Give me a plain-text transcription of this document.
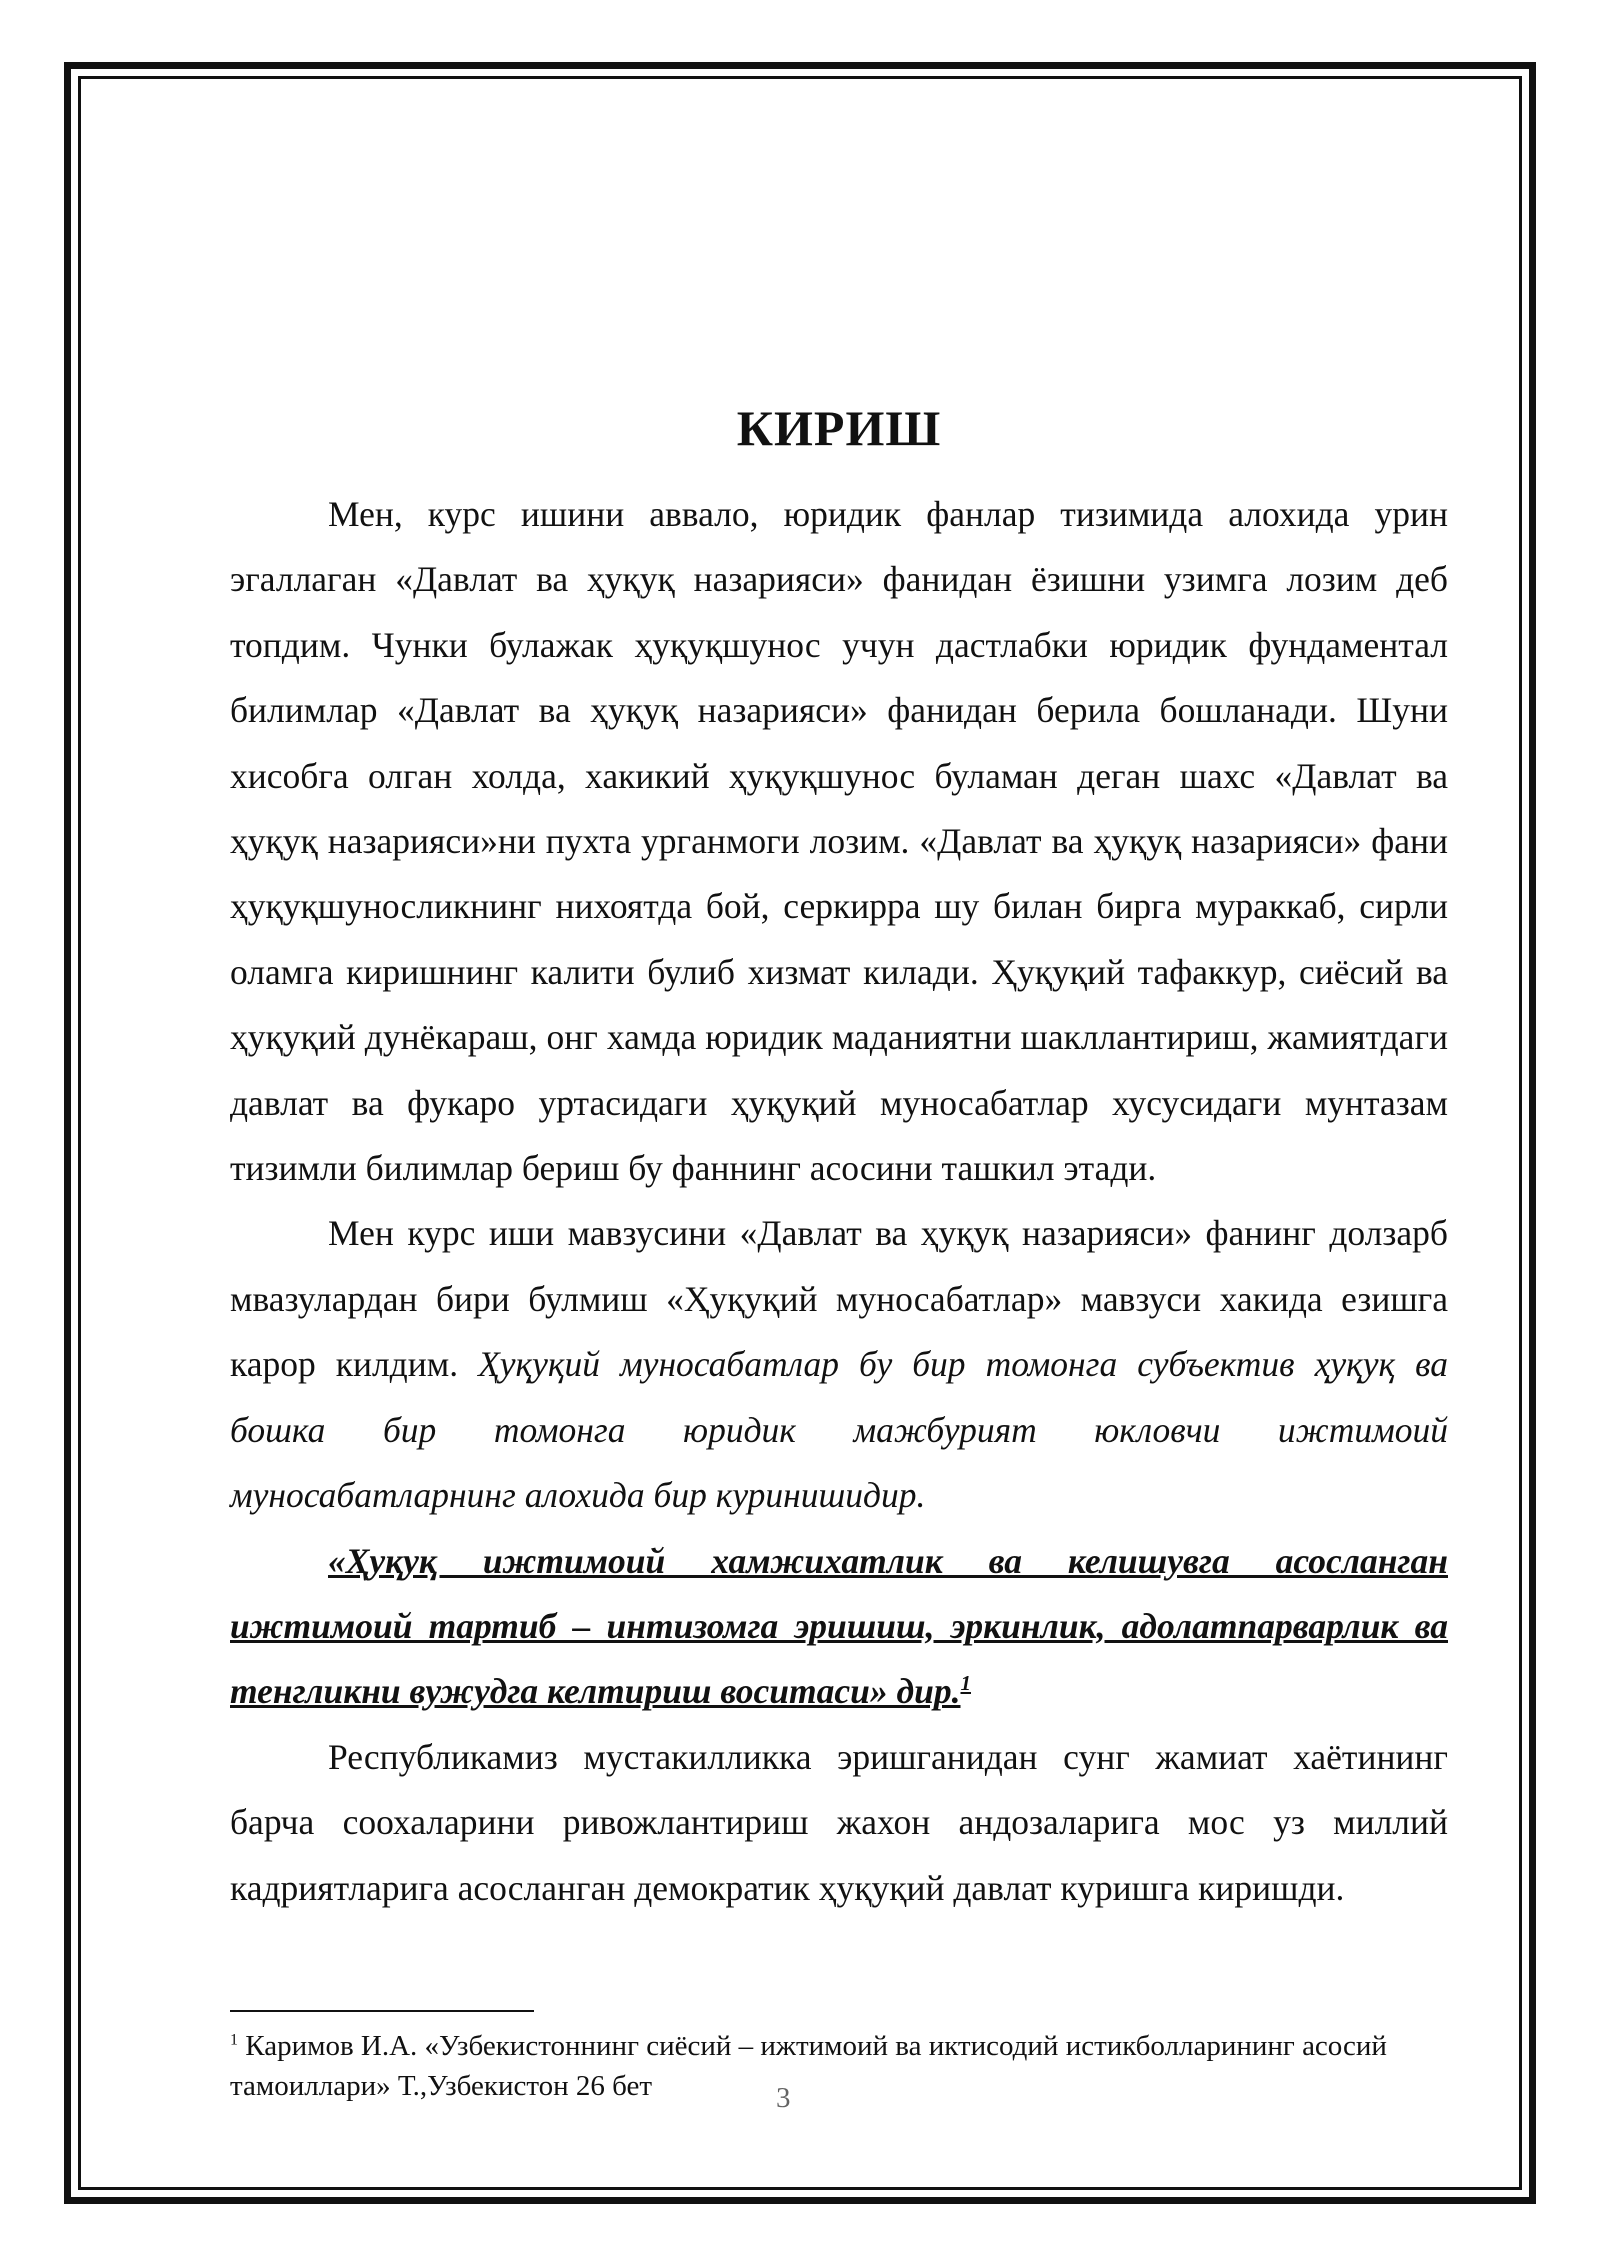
КИРИШ

Мен, курс ишини аввало, юридик фанлар тизимида алохида урин эгаллаган «Давлат ва ҳуқуқ назарияси» фанидан ёзишни узимга лозим деб топдим. Чунки булажак ҳуқуқшунос учун дастлабки юридик фундаментал билимлар «Давлат ва ҳуқуқ назарияси» фанидан берила бошланади. Шуни хисобга олган холда, хакикий ҳуқуқшунос буламан деган шахс «Давлат ва ҳуқуқ назарияси»ни пухта урганмоги лозим. «Давлат ва ҳуқуқ назарияси» фани ҳуқуқшуносликнинг нихоятда бой, серкирра шу билан бирга мураккаб, сирли оламга киришнинг калити булиб хизмат килади. Ҳуқуқий тафаккур, сиёсий ва ҳуқуқий дунёкараш, онг хамда юридик маданиятни шакллантириш, жамиятдаги давлат ва фукаро уртасидаги ҳуқуқий муносабатлар хусусидаги мунтазам тизимли билимлар бериш бу фаннинг асосини ташкил этади.

Мен курс иши мавзусини «Давлат ва ҳуқуқ назарияси» фанинг долзарб мвазулардан бири булмиш «Ҳуқуқий муносабатлар» мавзуси хакида езишга карор килдим. Ҳуқуқий муносабатлар бу бир томонга субъектив ҳуқуқ ва бошка бир томонга юридик мажбурият юкловчи ижтимоий муносабатларнинг алохида бир куринишидир.

«Ҳуқуқ ижтимоий хамжихатлик ва келишувга асосланган ижтимоий тартиб – интизомга эришиш, эркинлик, адолатпарварлик ва тенгликни вужудга келтириш воситаси» дир.$^1$

Республикамиз мустакилликка эришганидан сунг жамиат хаётининг барча соохаларини ривожлантириш жахон андозаларига мос уз миллий кадриятларига асосланган демократик ҳуқуқий давлат куришга киришди.

$^1$ Каримов И.А. «Узбекистоннинг сиёсий – ижтимоий ва иктисодий истикболларининг асосий тамоиллари» Т.,Узбекистон 26 бет	3
